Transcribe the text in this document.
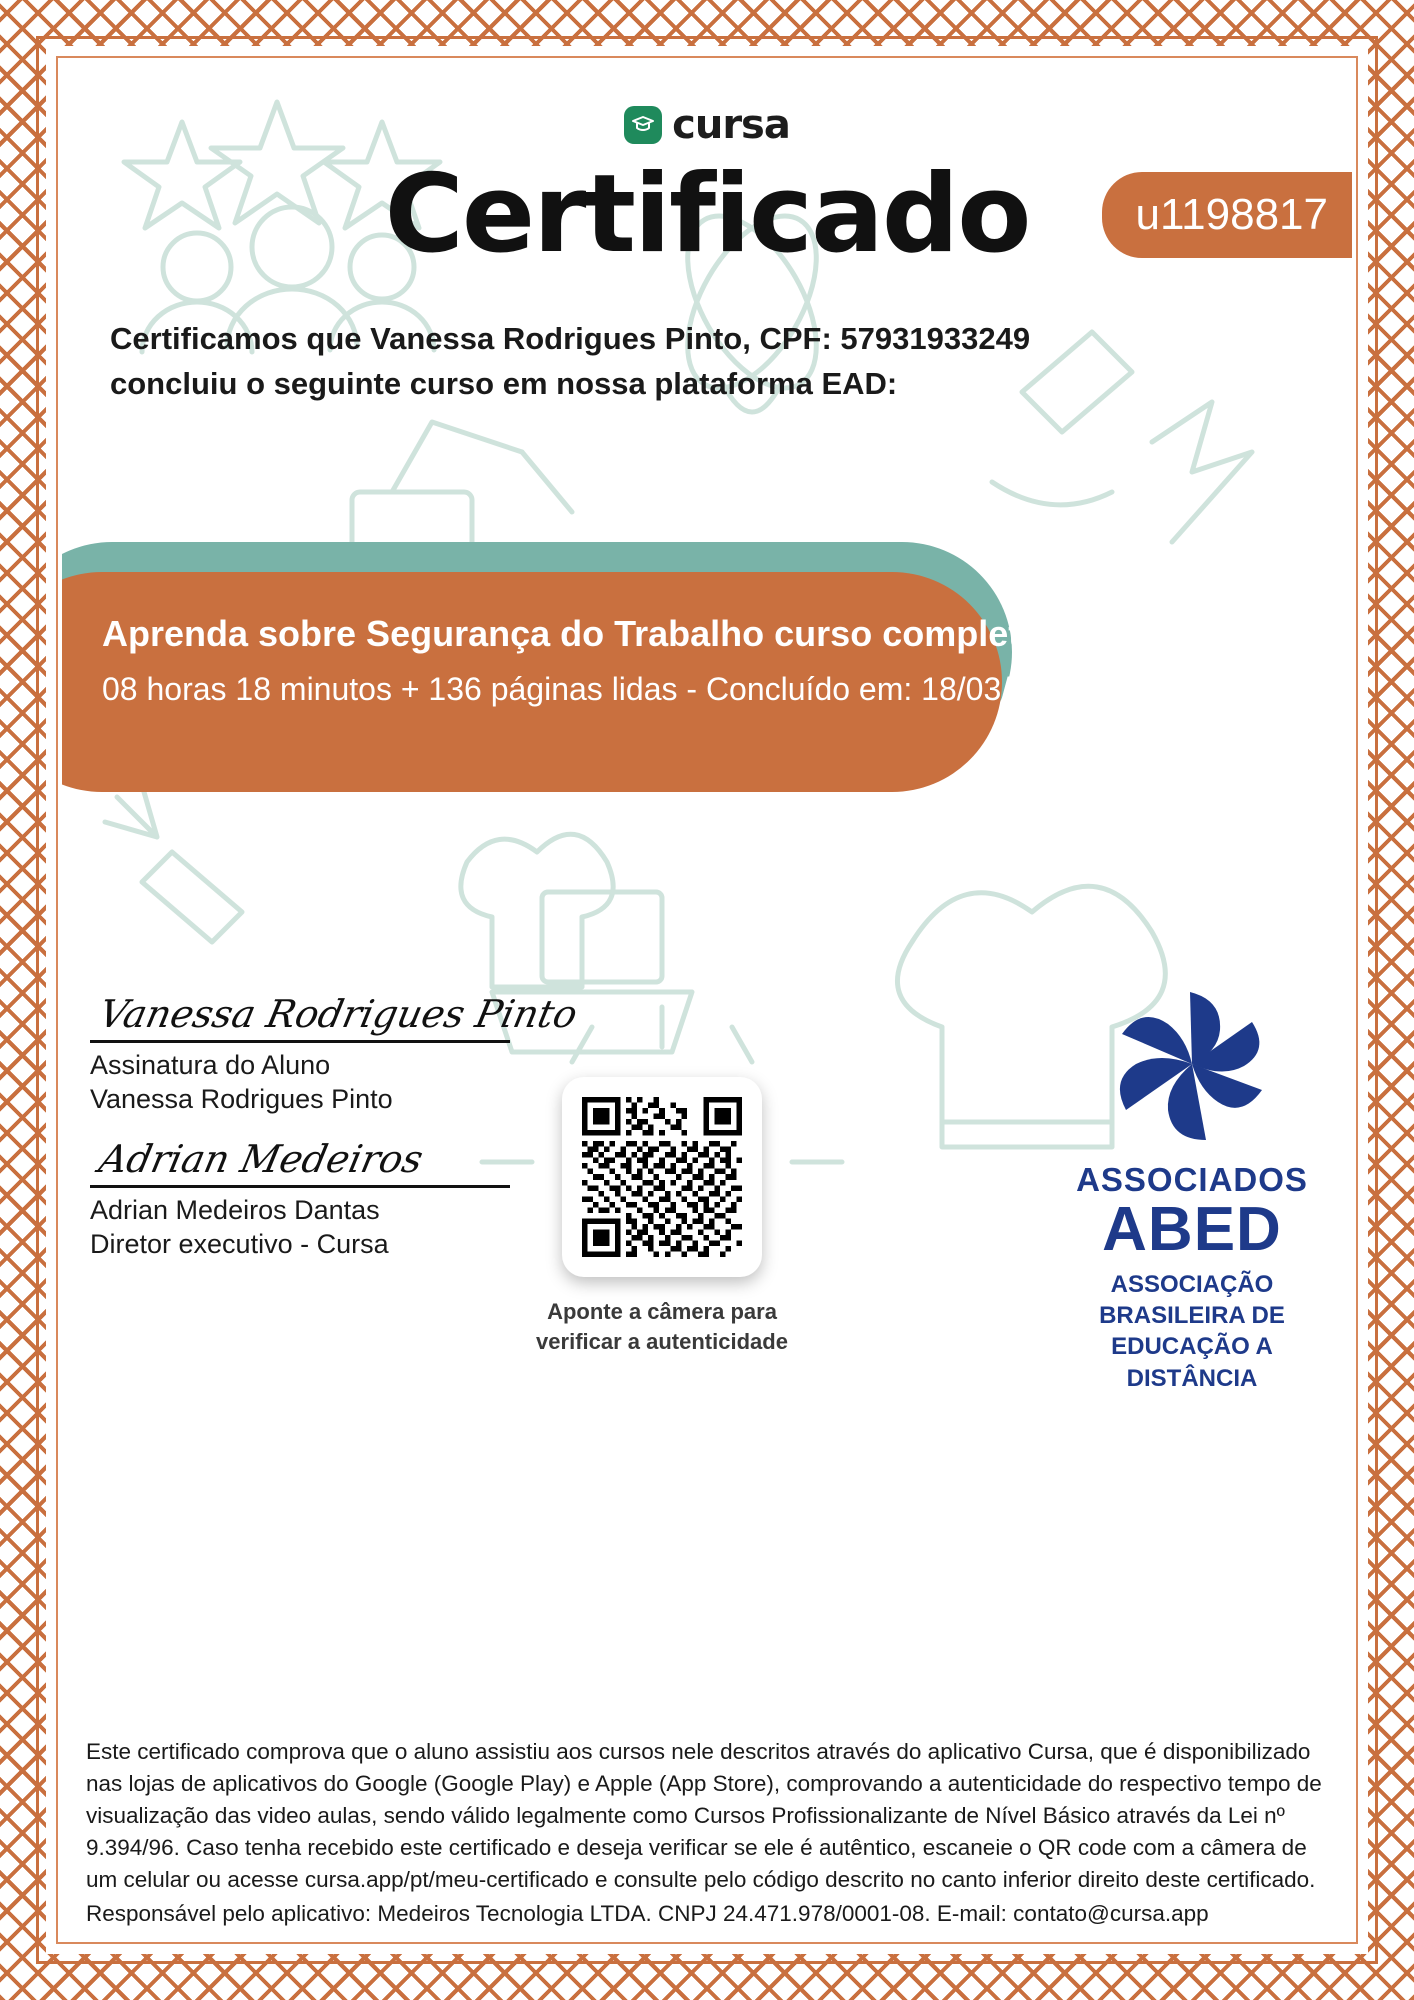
cursa
Certificado	u1198817
Certificamos que Vanessa Rodrigues Pinto, CPF: 57931933249
concluiu o seguinte curso em nossa plataforma EAD:
Aprenda sobre Segurança do Trabalho curso completo
08 horas 18 minutos + 136 páginas lidas - Concluído em: 18/03/202
Vanessa Rodrigues Pinto
Assinatura do Aluno
Vanessa Rodrigues Pinto
Adrian Medeiros
Adrian Medeiros Dantas
Diretor executivo - Cursa
Aponte a câmera para
verificar a autenticidade
ASSOCIADOS
ABED
ASSOCIAÇÃO
BRASILEIRA DE
EDUCAÇÃO A
DISTÂNCIA

Este certificado comprova que o aluno assistiu aos cursos nele descritos através do aplicativo Cursa, que é disponibilizado nas lojas de aplicativos do Google (Google Play) e Apple (App Store), comprovando a autenticidade do respectivo tempo de visualização das video aulas, sendo válido legalmente como Cursos Profissionalizante de Nível Básico através da Lei nº 9.394/96. Caso tenha recebido este certificado e deseja verificar se ele é autêntico, escaneie o QR code com a câmera de um celular ou acesse cursa.app/pt/meu-certificado e consulte pelo código descrito no canto inferior direito deste certificado.

Responsável pelo aplicativo: Medeiros Tecnologia LTDA. CNPJ 24.471.978/0001-08. E-mail: contato@cursa.app
